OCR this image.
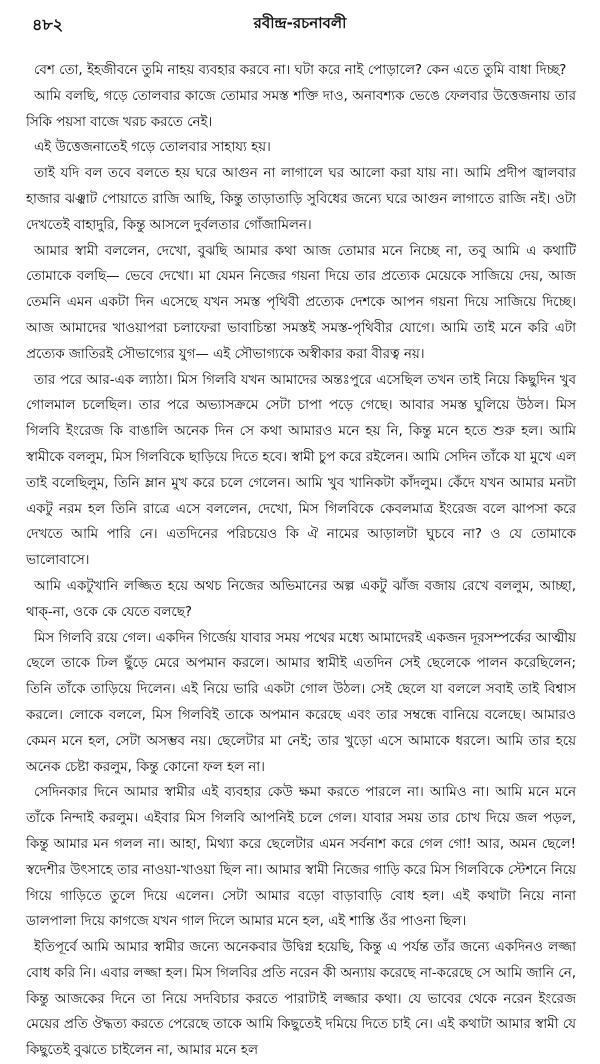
৪৮২	রবীন্দ্র-রচনাবলী

বেশ তো, ইহজীবনে তুমি নাহয় ব্যবহার করবে না। ঘটা করে নাই পোড়ালে? কেন এতে তুমি বাধা দিচ্ছ?

আমি বলছি, গড়ে তোলবার কাজে তোমার সমস্ত শক্তি দাও, অনাবশ্যক ভেঙে ফেলবার উত্তেজনায় তার সিকি পয়সা বাজে খরচ করতে নেই।

এই উত্তেজনাতেই গড়ে তোলবার সাহায্য হয়।

তাই যদি বল তবে বলতে হয় ঘরে আগুন না লাগালে ঘর আলো করা যায় না। আমি প্রদীপ জ্বালবার হাজার ঝঞ্ঝাট পোয়াতে রাজি আছি, কিন্তু তাড়াতাড়ি সুবিধের জন্যে ঘরে আগুন লাগাতে রাজি নই। ওটা দেখতেই বাহাদুরি, কিন্তু আসলে দুর্বলতার গোঁজামিলন।

আমার স্বামী বললেন, দেখো, বুঝছি আমার কথা আজ তোমার মনে নিচ্ছে না, তবু আমি এ কথাটি তোমাকে বলছি— ভেবে দেখো। মা যেমন নিজের গয়না দিয়ে তার প্রত্যেক মেয়েকে সাজিয়ে দেয়, আজ তেমনি এমন একটা দিন এসেছে যখন সমস্ত পৃথিবী প্রত্যেক দেশকে আপন গয়না দিয়ে সাজিয়ে দিচ্ছে। আজ আমাদের খাওয়াপরা চলাফেরা ভাবাচিন্তা সমস্তই সমস্ত-পৃথিবীর যোগে। আমি তাই মনে করি এটা প্রত্যেক জাতিরই সৌভাগ্যের যুগ— এই সৌভাগ্যকে অস্বীকার করা বীরত্ব নয়।

তার পরে আর-এক ল্যাঠা। মিস গিলবি যখন আমাদের অন্তঃপুরে এসেছিল তখন তাই নিয়ে কিছুদিন খুব গোলমাল চলেছিল। তার পরে অভ্যাসক্রমে সেটা চাপা পড়ে গেছে। আবার সমস্ত ঘুলিয়ে উঠল। মিস গিলবি ইংরেজ কি বাঙালি অনেক দিন সে কথা আমারও মনে হয় নি, কিন্তু মনে হতে শুরু হল। আমি স্বামীকে বললুম, মিস গিলবিকে ছাড়িয়ে দিতে হবে। স্বামী চুপ করে রইলেন। আমি সেদিন তাঁকে যা মুখে এল তাই বলেছিলুম, তিনি ম্লান মুখ করে চলে গেলেন। আমি খুব খানিকটা কাঁদলুম। কেঁদে যখন আমার মনটা একটু নরম হল তিনি রাত্রে এসে বললেন, দেখো, মিস গিলবিকে কেবলমাত্র ইংরেজ বলে ঝাপসা করে দেখতে আমি পারি নে। এতদিনের পরিচয়েও কি ঐ নামের আড়ালটা ঘুচবে না? ও যে তোমাকে ভালোবাসে।

আমি একটুখানি লজ্জিত হয়ে অথচ নিজের অভিমানের অল্প একটু ঝাঁজ বজায় রেখে বললুম, আচ্ছা, থাক্-না, ওকে কে যেতে বলছে?

মিস গিলবি রয়ে গেল। একদিন গির্জেয় যাবার সময় পথের মধ্যে আমাদেরই একজন দূরসম্পর্কের আত্মীয় ছেলে তাকে ঢিল ছুঁড়ে মেরে অপমান করলে। আমার স্বামীই এতদিন সেই ছেলেকে পালন করেছিলেন; তিনি তাঁকে তাড়িয়ে দিলেন। এই নিয়ে ভারি একটা গোল উঠল। সেই ছেলে যা বললে সবাই তাই বিশ্বাস করলে। লোকে বললে, মিস গিলবিই তাকে অপমান করেছে এবং তার সম্বন্ধে বানিয়ে বলেছে। আমারও কেমন মনে হল, সেটা অসম্ভব নয়। ছেলেটার মা নেই; তার খুড়ো এসে আমাকে ধরলে। আমি তার হয়ে অনেক চেষ্টা করলুম, কিন্তু কোনো ফল হল না।

সেদিনকার দিনে আমার স্বামীর এই ব্যবহার কেউ ক্ষমা করতে পারলে না। আমিও না। আমি মনে মনে তাঁকে নিন্দাই করলুম। এইবার মিস গিলবি আপনিই চলে গেল। যাবার সময় তার চোখ দিয়ে জল পড়ল, কিন্তু আমার মন গলল না। আহা, মিথ্যা করে ছেলেটার এমন সর্বনাশ করে গেল গো! আর, অমন ছেলে! স্বদেশীর উৎসাহে তার নাওয়া-খাওয়া ছিল না। আমার স্বামী নিজের গাড়ি করে মিস গিলবিকে স্টেশনে নিয়ে গিয়ে গাড়িতে তুলে দিয়ে এলেন। সেটা আমার বড়ো বাড়াবাড়ি বোধ হল। এই কথাটা নিয়ে নানা ডালপালা দিয়ে কাগজে যখন গাল দিলে আমার মনে হল, এই শাস্তি ওঁর পাওনা ছিল।

ইতিপূর্বে আমি আমার স্বামীর জন্যে অনেকবার উদ্বিগ্ন হয়েছি, কিন্তু এ পর্যন্ত তাঁর জন্যে একদিনও লজ্জা বোধ করি নি। এবার লজ্জা হল। মিস গিলবির প্রতি নরেন কী অন্যায় করেছে না-করেছে সে আমি জানি নে, কিন্তু আজকের দিনে তা নিয়ে সদবিচার করতে পারাটাই লজ্জার কথা। যে ভাবের থেকে নরেন ইংরেজ মেয়ের প্রতি ঔদ্ধত্য করতে পেরেছে তাকে আমি কিছুতেই দমিয়ে দিতে চাই নে। এই কথাটা আমার স্বামী যে কিছুতেই বুঝতে চাইলেন না, আমার মনে হল
